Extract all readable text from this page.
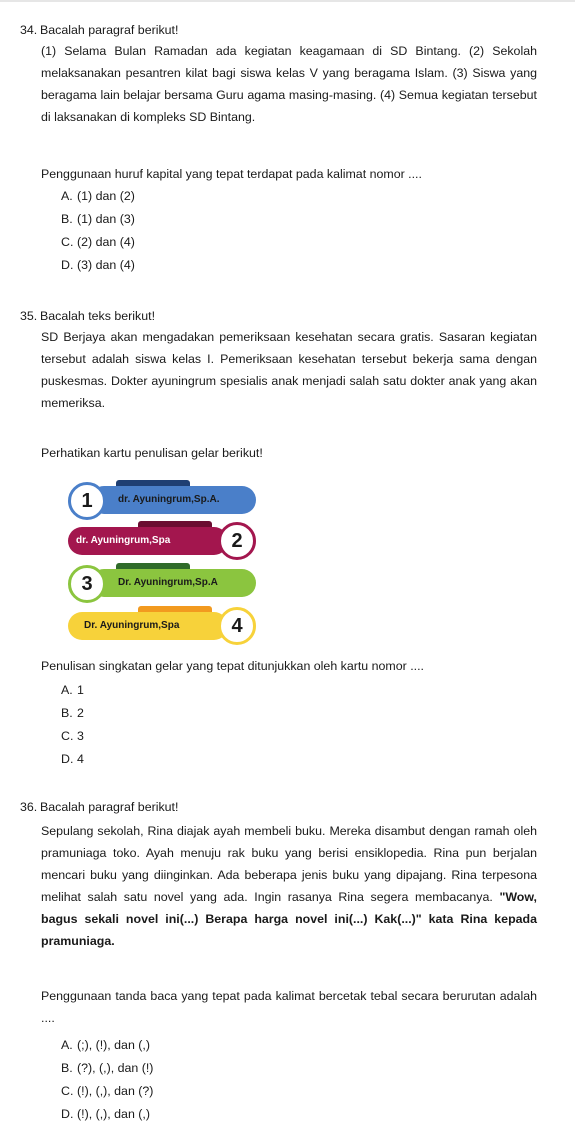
34. Bacalah paragraf berikut!

(1) Selama Bulan Ramadan ada kegiatan keagamaan di SD Bintang. (2) Sekolah melaksanakan pesantren kilat bagi siswa kelas V yang beragama Islam. (3) Siswa yang beragama lain belajar bersama Guru agama masing-masing. (4) Semua kegiatan tersebut di laksanakan di kompleks SD Bintang.

Penggunaan huruf kapital yang tepat terdapat pada kalimat nomor ....

A. (1) dan (2)
B. (1) dan (3)
C. (2) dan (4)
D. (3) dan (4)
35. Bacalah teks berikut!

SD Berjaya akan mengadakan pemeriksaan kesehatan secara gratis. Sasaran kegiatan tersebut adalah siswa kelas I. Pemeriksaan kesehatan tersebut bekerja sama dengan puskesmas. Dokter ayuningrum spesialis anak menjadi salah satu dokter anak yang akan memeriksa.

Perhatikan kartu penulisan gelar berikut!

dr. Ayuningrum,Sp.A.
1
dr. Ayuningrum,Spa	2
Dr. Ayuningrum,Sp.A
3
Dr. Ayuningrum,Spa	4

Penulisan singkatan gelar yang tepat ditunjukkan oleh kartu nomor ....

A. 1
B. 2
C. 3
D. 4
36. Bacalah paragraf berikut!

Sepulang sekolah, Rina diajak ayah membeli buku. Mereka disambut dengan ramah oleh pramuniaga toko. Ayah menuju rak buku yang berisi ensiklopedia. Rina pun berjalan mencari buku yang diinginkan. Ada beberapa jenis buku yang dipajang. Rina terpesona melihat salah satu novel yang ada. Ingin rasanya Rina segera membacanya. "Wow, bagus sekali novel ini(...) Berapa harga novel ini(...) Kak(...)" kata Rina kepada pramuniaga.

Penggunaan tanda baca yang tepat pada kalimat bercetak tebal secara berurutan adalah ....

A. (;), (!), dan (,)
B. (?), (,), dan (!)
C. (!), (,), dan (?)
D. (!), (,), dan (,)
